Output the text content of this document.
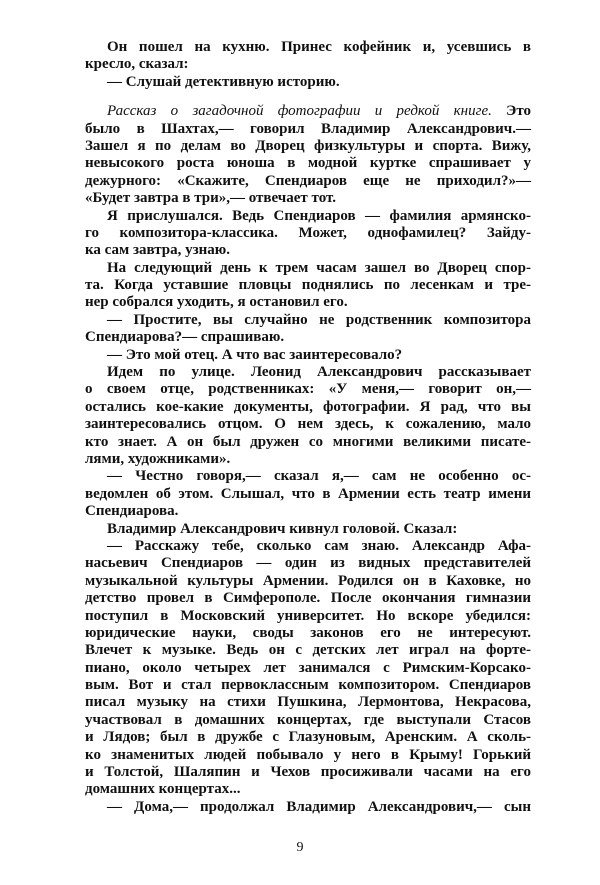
Он пошел на кухню. Принес кофейник и, усевшись в
кресло, сказал:
— Слушай детективную историю.
Рассказ о загадочной фотографии и редкой книге. Это
было в Шахтах,— говорил Владимир Александрович.—
Зашел я по делам во Дворец физкультуры и спорта. Вижу,
невысокого роста юноша в модной куртке спрашивает у
дежурного: «Скажите, Спендиаров еще не приходил?»—
«Будет завтра в три»,— отвечает тот.
Я прислушался. Ведь Спендиаров — фамилия армянско-
го композитора-классика. Может, однофамилец? Зайду-
ка сам завтра, узнаю.
На следующий день к трем часам зашел во Дворец спор-
та. Когда уставшие пловцы поднялись по лесенкам и тре-
нер собрался уходить, я остановил его.
— Простите, вы случайно не родственник композитора
Спендиарова?— спрашиваю.
— Это мой отец. А что вас заинтересовало?
Идем по улице. Леонид Александрович рассказывает
о своем отце, родственниках: «У меня,— говорит он,—
остались кое-какие документы, фотографии. Я рад, что вы
заинтересовались отцом. О нем здесь, к сожалению, мало
кто знает. А он был дружен со многими великими писате-
лями, художниками».
— Честно говоря,— сказал я,— сам не особенно ос-
ведомлен об этом. Слышал, что в Армении есть театр имени
Спендиарова.
Владимир Александрович кивнул головой. Сказал:
— Расскажу тебе, сколько сам знаю. Александр Афа-
насьевич Спендиаров — один из видных представителей
музыкальной культуры Армении. Родился он в Каховке, но
детство провел в Симферополе. После окончания гимназии
поступил в Московский университет. Но вскоре убедился:
юридические науки, своды законов его не интересуют.
Влечет к музыке. Ведь он с детских лет играл на форте-
пиано, около четырех лет занимался с Римским-Корсако-
вым. Вот и стал первоклассным композитором. Спендиаров
писал музыку на стихи Пушкина, Лермонтова, Некрасова,
участвовал в домашних концертах, где выступали Стасов
и Лядов; был в дружбе с Глазуновым, Аренским. А сколь-
ко знаменитых людей побывало у него в Крыму! Горький
и Толстой, Шаляпин и Чехов просиживали часами на его
домашних концертах...
— Дома,— продолжал Владимир Александрович,— сын
9
